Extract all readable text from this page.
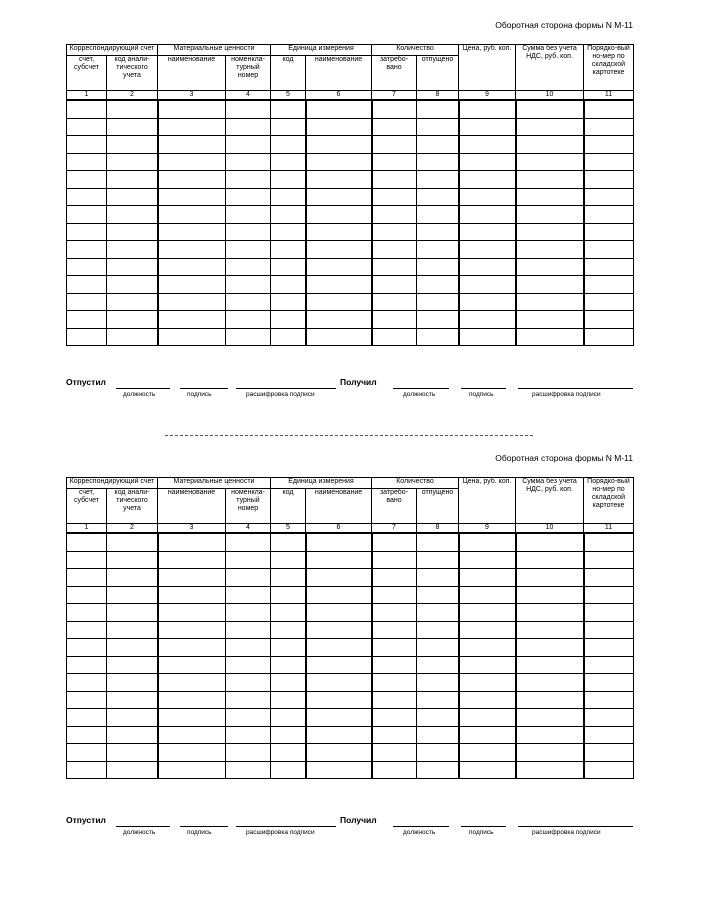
Оборотная сторона формы N М-11
Корреспондирующий счет		Материальные ценности		Единица измерения		Количество		Цена, руб. коп.	Сумма без учета НДС, руб. коп.	Порядко-вый но-мер по складской картотеке
счет, субсчет	код анали-тического учета	наименование	номенкла-турный номер	код	наименование	затребо-вано	отпущено			
1	2	3	4	5	6	7	8	9	10	11

Отпустил
должность	подпись	расшифровка подписи
Получил
должность	подпись	расшифровка подписи
Оборотная сторона формы N М-11
Корреспондирующий счет		Материальные ценности		Единица измерения		Количество		Цена, руб. коп.	Сумма без учета НДС, руб. коп.	Порядко-вый но-мер по складской картотеке
счет, субсчет	код анали-тического учета	наименование	номенкла-турный номер	код	наименование	затребо-вано	отпущено			
1	2	3	4	5	6	7	8	9	10	11

Отпустил
должность	подпись	расшифровка подписи
Получил
должность	подпись	расшифровка подписи
